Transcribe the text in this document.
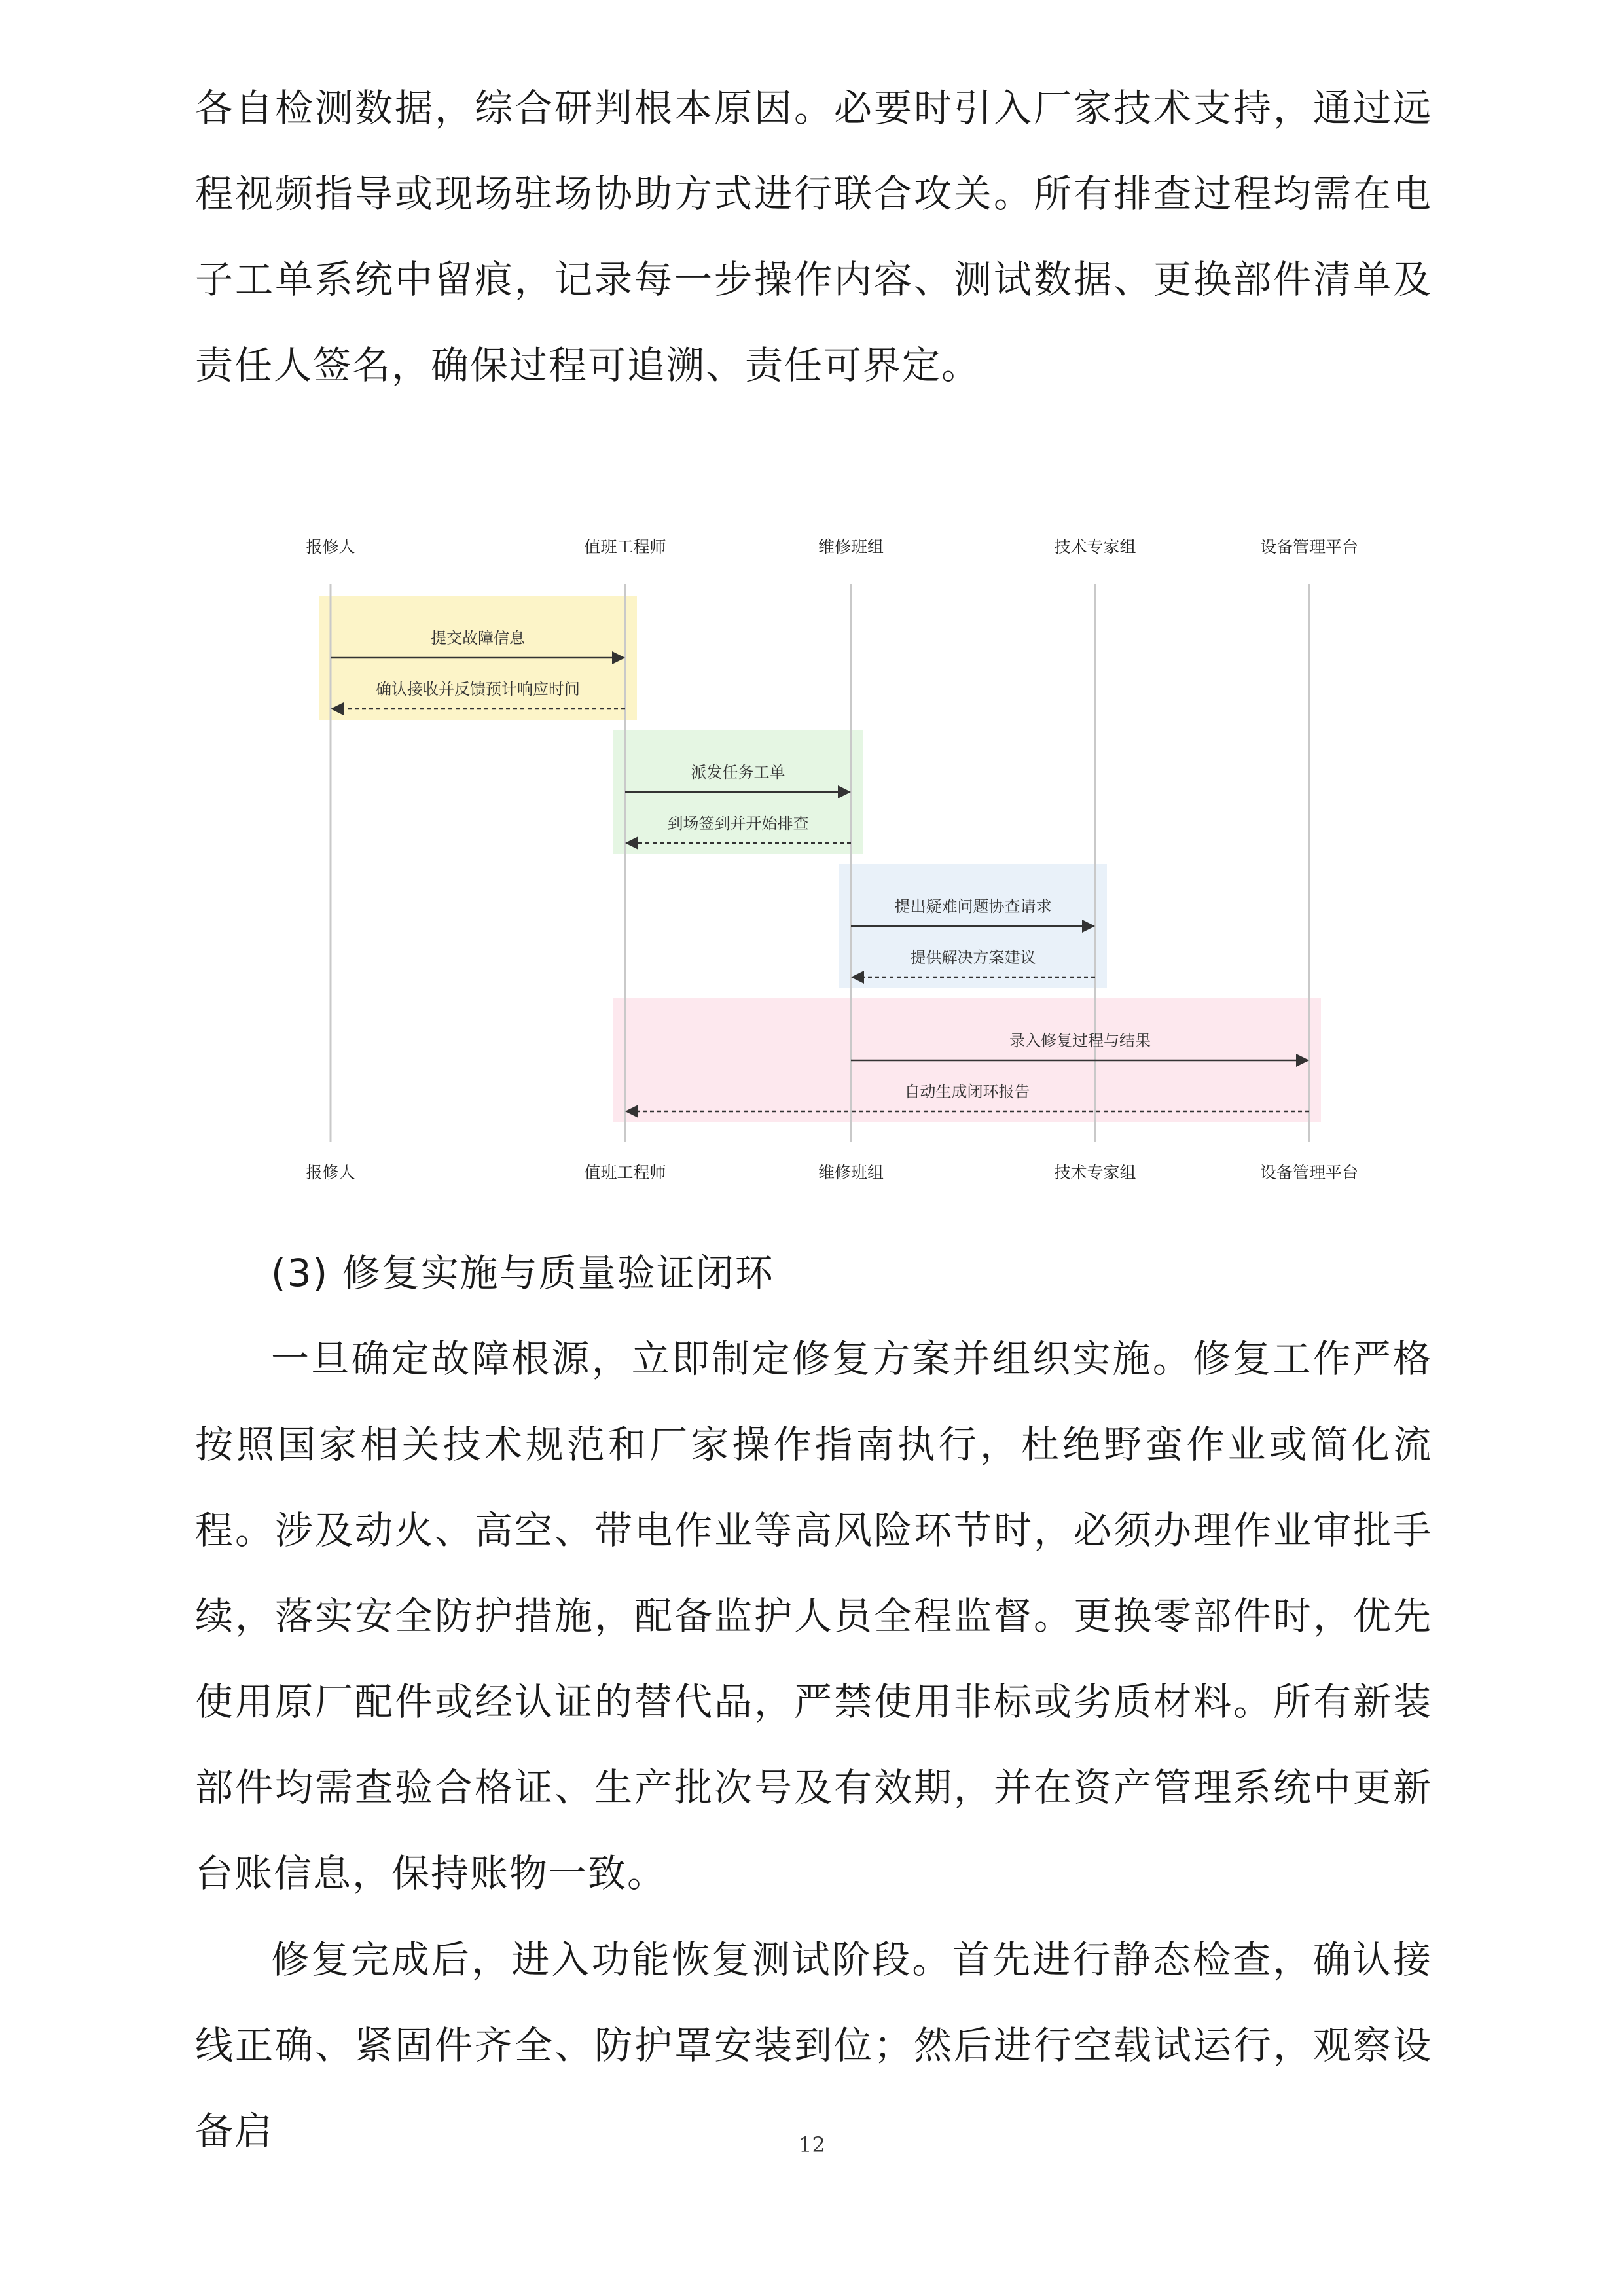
各自检测数据，综合研判根本原因。必要时引入厂家技术支持，通过远程视频指导或现场驻场协助方式进行联合攻关。所有排查过程均需在电子工单系统中留痕，记录每一步操作内容、测试数据、更换部件清单及责任人签名，确保过程可追溯、责任可界定。

提交故障信息
确认接收并反馈预计响应时间
派发任务工单
到场签到并开始排查
提出疑难问题协查请求
提供解决方案建议
录入修复过程与结果
自动生成闭环报告
报修人
报修人
值班工程师
值班工程师
维修班组
维修班组
技术专家组
技术专家组
设备管理平台
设备管理平台

(3) 修复实施与质量验证闭环

一旦确定故障根源，立即制定修复方案并组织实施。修复工作严格按照国家相关技术规范和厂家操作指南执行，杜绝野蛮作业或简化流程。涉及动火、高空、带电作业等高风险环节时，必须办理作业审批手续，落实安全防护措施，配备监护人员全程监督。更换零部件时，优先使用原厂配件或经认证的替代品，严禁使用非标或劣质材料。所有新装部件均需查验合格证、生产批次号及有效期，并在资产管理系统中更新台账信息，保持账物一致。

修复完成后，进入功能恢复测试阶段。首先进行静态检查，确认接线正确、紧固件齐全、防护罩安装到位；然后进行空载试运行，观察设备启	12
